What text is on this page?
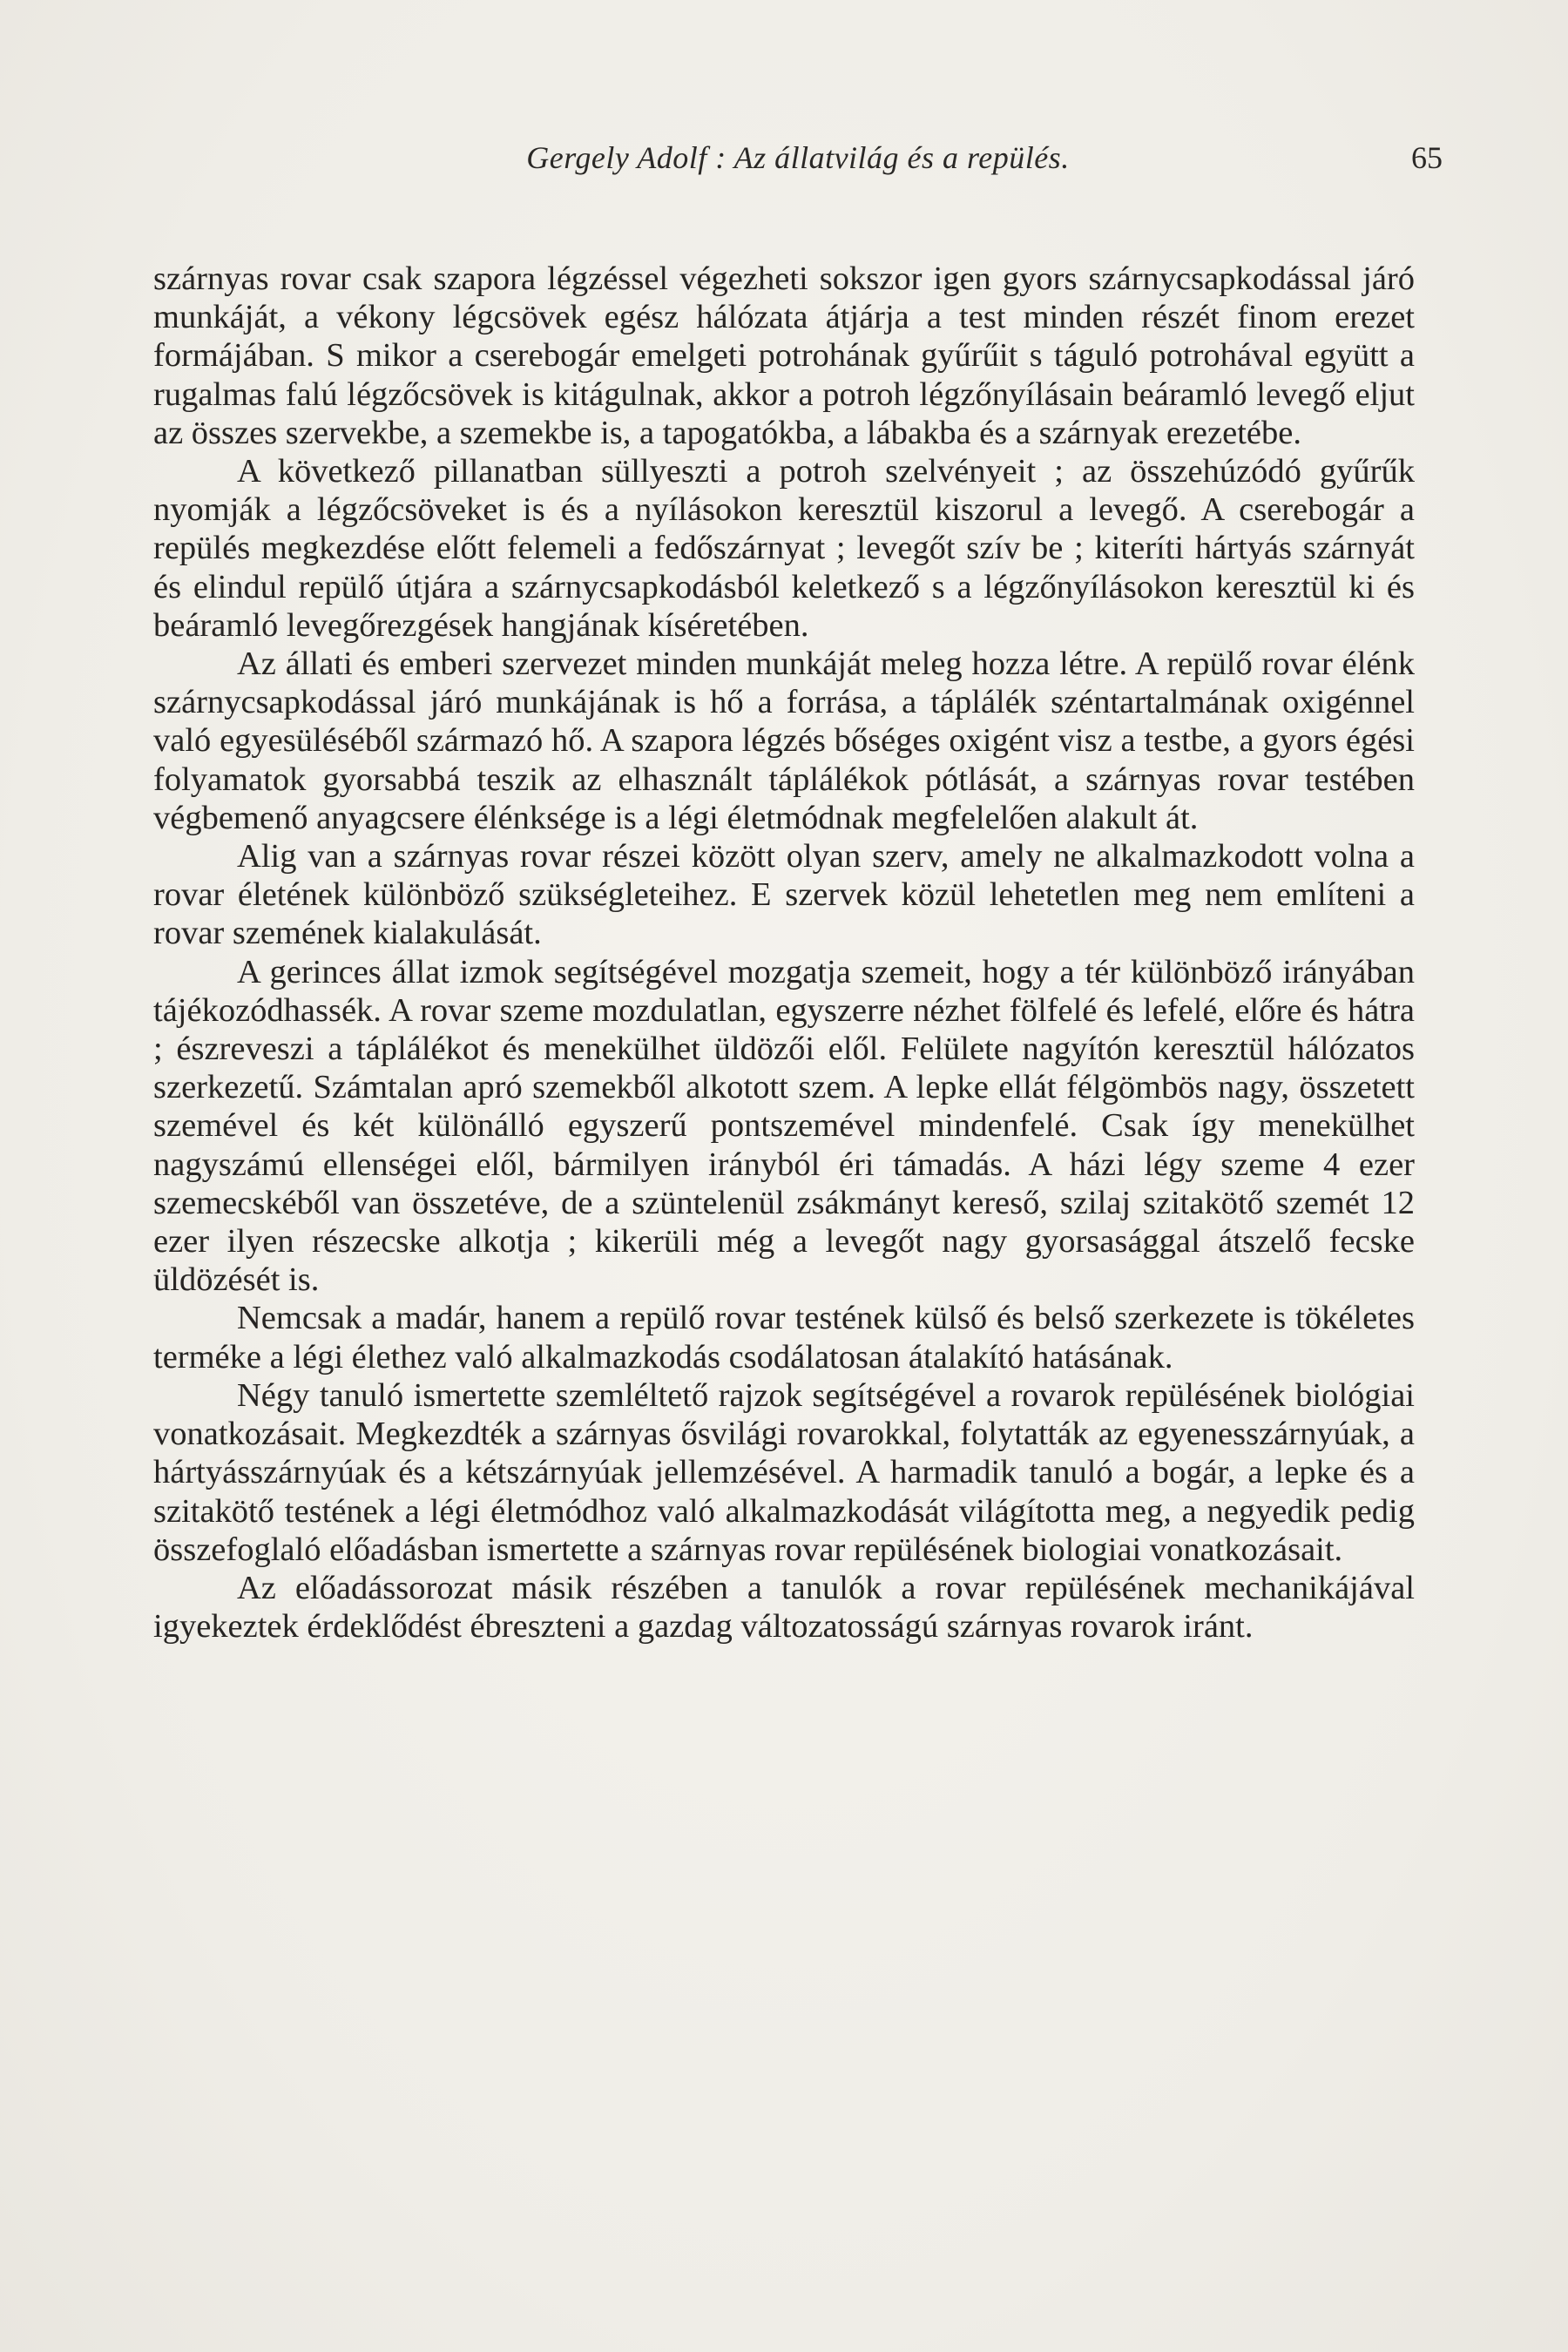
Gergely Adolf : Az állatvilág és a repülés.	65

szárnyas rovar csak szapora légzéssel végezheti sokszor igen gyors szárnycsapkodással járó munkáját, a vékony légcsövek egész hálózata átjárja a test minden részét finom erezet formájában. S mikor a cserebogár emelgeti potrohának gyűrűit s táguló potrohával együtt a rugalmas falú légzőcsövek is kitágulnak, akkor a potroh légzőnyílásain beáramló levegő eljut az összes szervekbe, a szemekbe is, a tapogatókba, a lábakba és a szárnyak erezetébe.

A következő pillanatban süllyeszti a potroh szelvényeit ; az összehúzódó gyűrűk nyomják a légzőcsöveket is és a nyílásokon keresztül kiszorul a levegő. A cserebogár a repülés megkezdése előtt felemeli a fedőszárnyat ; levegőt szív be ; kiteríti hártyás szárnyát és elindul repülő útjára a szárnycsapkodásból keletkező s a légzőnyílásokon keresztül ki és beáramló levegőrezgések hangjának kíséretében.

Az állati és emberi szervezet minden munkáját meleg hozza létre. A repülő rovar élénk szárnycsapkodással járó munkájának is hő a forrása, a táplálék széntartalmának oxigénnel való egyesüléséből származó hő. A szapora légzés bőséges oxigént visz a testbe, a gyors égési folyamatok gyorsabbá teszik az elhasznált táplálékok pótlását, a szárnyas rovar testében végbemenő anyagcsere élénksége is a légi életmódnak megfelelően alakult át.

Alig van a szárnyas rovar részei között olyan szerv, amely ne alkalmazkodott volna a rovar életének különböző szükségleteihez. E szervek közül lehetetlen meg nem említeni a rovar szemének kialakulását.

A gerinces állat izmok segítségével mozgatja szemeit, hogy a tér különböző irányában tájékozódhassék. A rovar szeme mozdulatlan, egyszerre nézhet fölfelé és lefelé, előre és hátra ; észreveszi a táplálékot és menekülhet üldözői elől. Felülete nagyítón keresztül hálózatos szerkezetű. Számtalan apró szemekből alkotott szem. A lepke ellát félgömbös nagy, összetett szemével és két különálló egyszerű pontszemével mindenfelé. Csak így menekülhet nagyszámú ellenségei elől, bármilyen irányból éri támadás. A házi légy szeme 4 ezer szemecskéből van összetéve, de a szüntelenül zsákmányt kereső, szilaj szitakötő szemét 12 ezer ilyen részecske alkotja ; kikerüli még a levegőt nagy gyorsasággal átszelő fecske üldözését is.

Nemcsak a madár, hanem a repülő rovar testének külső és belső szerkezete is tökéletes terméke a légi élethez való alkalmazkodás csodálatosan átalakító hatásának.

Négy tanuló ismertette szemléltető rajzok segítségével a rovarok repülésének biológiai vonatkozásait. Megkezdték a szárnyas ősvilági rovarokkal, folytatták az egyenesszárnyúak, a hártyásszárnyúak és a kétszárnyúak jellemzésével. A harmadik tanuló a bogár, a lepke és a szitakötő testének a légi életmódhoz való alkalmazkodását világította meg, a negyedik pedig összefoglaló előadásban ismertette a szárnyas rovar repülésének biologiai vonatkozásait.

Az előadássorozat másik részében a tanulók a rovar repülésének mechanikájával igyekeztek érdeklődést ébreszteni a gazdag változatosságú szárnyas rovarok iránt.
